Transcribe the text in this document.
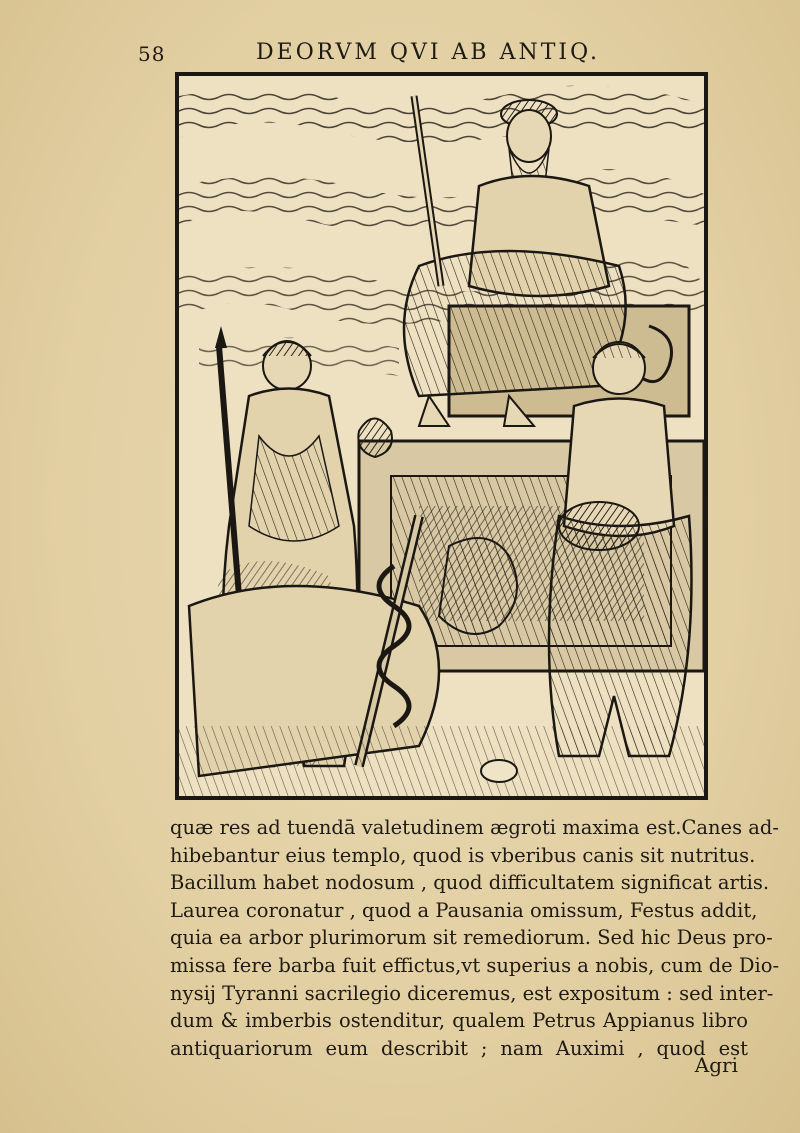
58	DEORVM QVI AB ANTIQ.
quæ res ad tuendā valetudinem ægroti maxima est.Canes ad-
hibebantur eius templo, quod is vberibus canis sit nutritus.
Bacillum habet nodosum , quod difficultatem significat artis.
Laurea coronatur , quod a Pausania omissum, Festus addit,
quia ea arbor plurimorum sit remediorum. Sed hic Deus pro-
missa fere barba fuit effictus,vt superius a nobis, cum de Dio-
nysij Tyranni sacrilegio diceremus, est expositum : sed inter-
dum & imberbis ostenditur, qualem Petrus Appianus libro
antiquariorum eum describit ; nam Auximi , quod est
Agri
